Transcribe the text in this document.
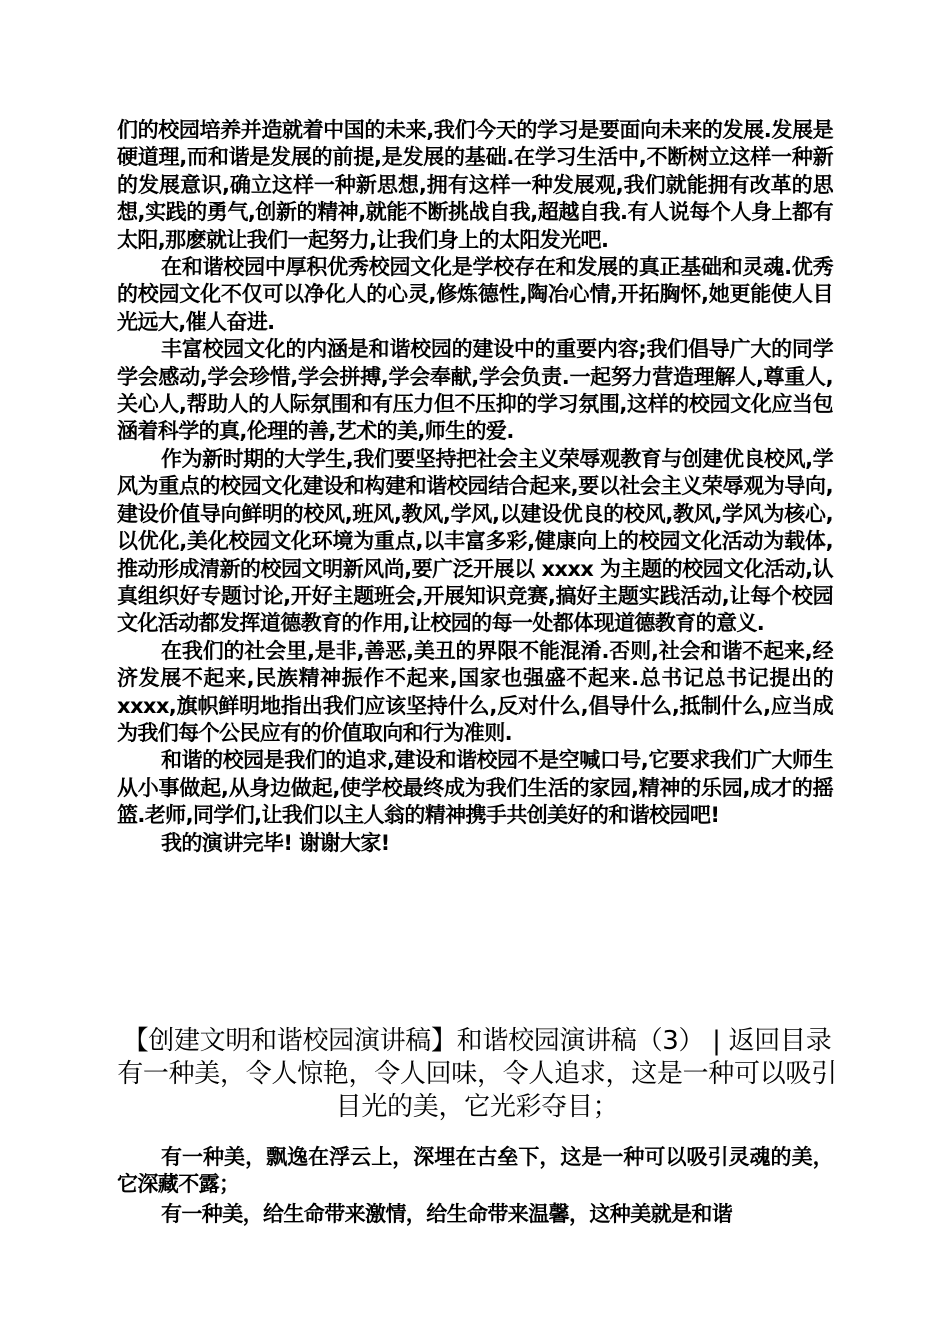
们的校园培养并造就着中国的未来,我们今天的学习是要面向未来的发展.发展是硬道理,而和谐是发展的前提,是发展的基础.在学习生活中,不断树立这样一种新的发展意识,确立这样一种新思想,拥有这样一种发展观,我们就能拥有改革的思想,实践的勇气,创新的精神,就能不断挑战自我,超越自我.有人说每个人身上都有太阳,那麽就让我们一起努力,让我们身上的太阳发光吧.

在和谐校园中厚积优秀校园文化是学校存在和发展的真正基础和灵魂.优秀的校园文化不仅可以净化人的心灵,修炼德性,陶冶心情,开拓胸怀,她更能使人目光远大,催人奋进.

丰富校园文化的内涵是和谐校园的建设中的重要内容;我们倡导广大的同学学会感动,学会珍惜,学会拼搏,学会奉献,学会负责.一起努力营造理解人,尊重人,关心人,帮助人的人际氛围和有压力但不压抑的学习氛围,这样的校园文化应当包涵着科学的真,伦理的善,艺术的美,师生的爱.

作为新时期的大学生,我们要坚持把社会主义荣辱观教育与创建优良校风,学风为重点的校园文化建设和构建和谐校园结合起来,要以社会主义荣辱观为导向,建设价值导向鲜明的校风,班风,教风,学风,以建设优良的校风,教风,学风为核心,以优化,美化校园文化环境为重点,以丰富多彩,健康向上的校园文化活动为载体,推动形成清新的校园文明新风尚,要广泛开展以 xxxx 为主题的校园文化活动,认真组织好专题讨论,开好主题班会,开展知识竞赛,搞好主题实践活动,让每个校园文化活动都发挥道德教育的作用,让校园的每一处都体现道德教育的意义.

在我们的社会里,是非,善恶,美丑的界限不能混淆.否则,社会和谐不起来,经济发展不起来,民族精神振作不起来,国家也强盛不起来.总书记总书记提出的 xxxx,旗帜鲜明地指出我们应该坚持什么,反对什么,倡导什么,抵制什么,应当成为我们每个公民应有的价值取向和行为准则.

和谐的校园是我们的追求,建设和谐校园不是空喊口号,它要求我们广大师生从小事做起,从身边做起,使学校最终成为我们生活的家园,精神的乐园,成才的摇篮.老师,同学们,让我们以主人翁的精神携手共创美好的和谐校园吧!

我的演讲完毕! 谢谢大家!

【创建文明和谐校园演讲稿】和谐校园演讲稿（3） | 返回目录 有一种美，令人惊艳，令人回味，令人追求，这是一种可以吸引目光的美，它光彩夺目；

有一种美，飘逸在浮云上，深埋在古垒下，这是一种可以吸引灵魂的美，它深藏不露；

有一种美，给生命带来激情，给生命带来温馨，这种美就是和谐
